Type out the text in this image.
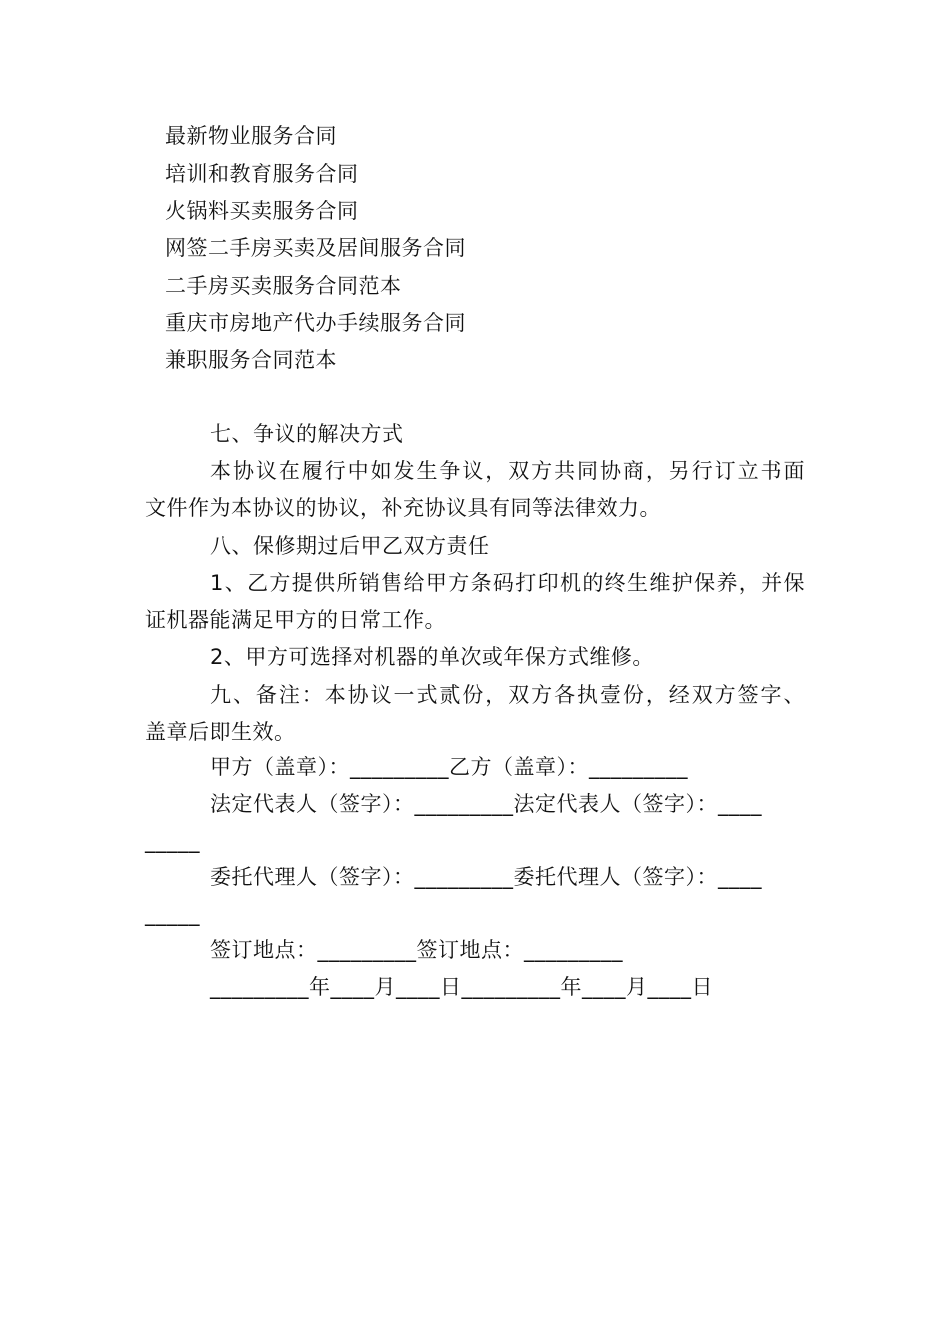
最新物业服务合同
培训和教育服务合同
火锅料买卖服务合同
网签二手房买卖及居间服务合同
二手房买卖服务合同范本
重庆市房地产代办手续服务合同
兼职服务合同范本
七、争议的解决方式
本协议在履行中如发生争议，双方共同协商，另行订立书面
文件作为本协议的协议，补充协议具有同等法律效力。
八、保修期过后甲乙双方责任
1、乙方提供所销售给甲方条码打印机的终生维护保养，并保
证机器能满足甲方的日常工作。
2、甲方可选择对机器的单次或年保方式维修。
九、备注：本协议一式贰份，双方各执壹份，经双方签字、
盖章后即生效。
甲方（盖章）：_________乙方（盖章）：_________
法定代表人（签字）：_________法定代表人（签字）：____
_____
委托代理人（签字）：_________委托代理人（签字）：____
_____
签订地点：_________签订地点：_________
_________年____月____日_________年____月____日
